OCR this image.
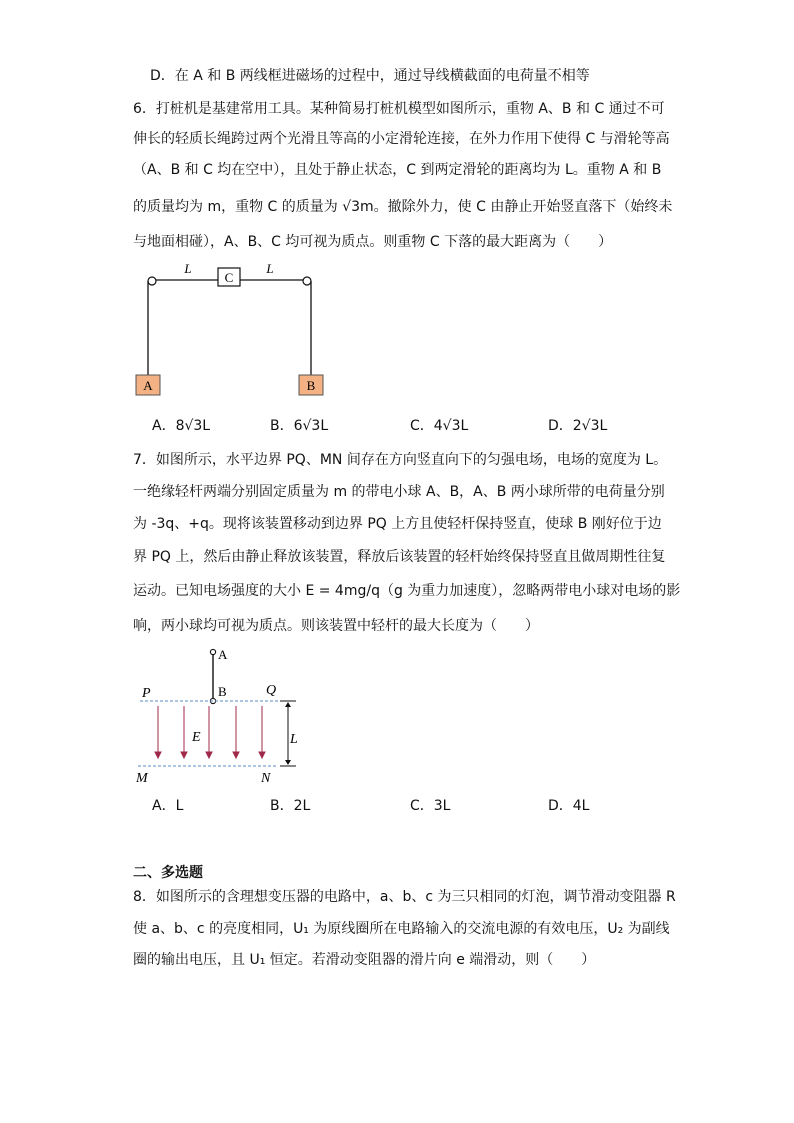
D．在 A 和 B 两线框进磁场的过程中，通过导线横截面的电荷量不相等
6．打桩机是基建常用工具。某种简易打桩机模型如图所示，重物 A、B 和 C 通过不可
伸长的轻质长绳跨过两个光滑且等高的小定滑轮连接，在外力作用下使得 C 与滑轮等高
（A、B 和 C 均在空中），且处于静止状态，C 到两定滑轮的距离均为 L。重物 A 和 B
的质量均为 m，重物 C 的质量为 √3m。撤除外力，使 C 由静止开始竖直落下（始终未
与地面相碰），A、B、C 均可视为质点。则重物 C 下落的最大距离为（　　）
C
L	L
A	B
A．8√3L	B．6√3L	C．4√3L	D．2√3L
7．如图所示，水平边界 PQ、MN 间存在方向竖直向下的匀强电场，电场的宽度为 L。
一绝缘轻杆两端分别固定质量为 m 的带电小球 A、B，A、B 两小球所带的电荷量分别
为 -3q、+q。现将该装置移动到边界 PQ 上方且使轻杆保持竖直，使球 B 刚好位于边
界 PQ 上，然后由静止释放该装置，释放后该装置的轻杆始终保持竖直且做周期性往复
运动。已知电场强度的大小 E = 4mg/q（g 为重力加速度），忽略两带电小球对电场的影
响，两小球均可视为质点。则该装置中轻杆的最大长度为（　　）
A
B
P	Q
M	N
E	L
A．L	B．2L	C．3L	D．4L
二、多选题
8．如图所示的含理想变压器的电路中，a、b、c 为三只相同的灯泡，调节滑动变阻器 R
使 a、b、c 的亮度相同，U₁ 为原线圈所在电路输入的交流电源的有效电压，U₂ 为副线
圈的输出电压，且 U₁ 恒定。若滑动变阻器的滑片向 e 端滑动，则（　　）
